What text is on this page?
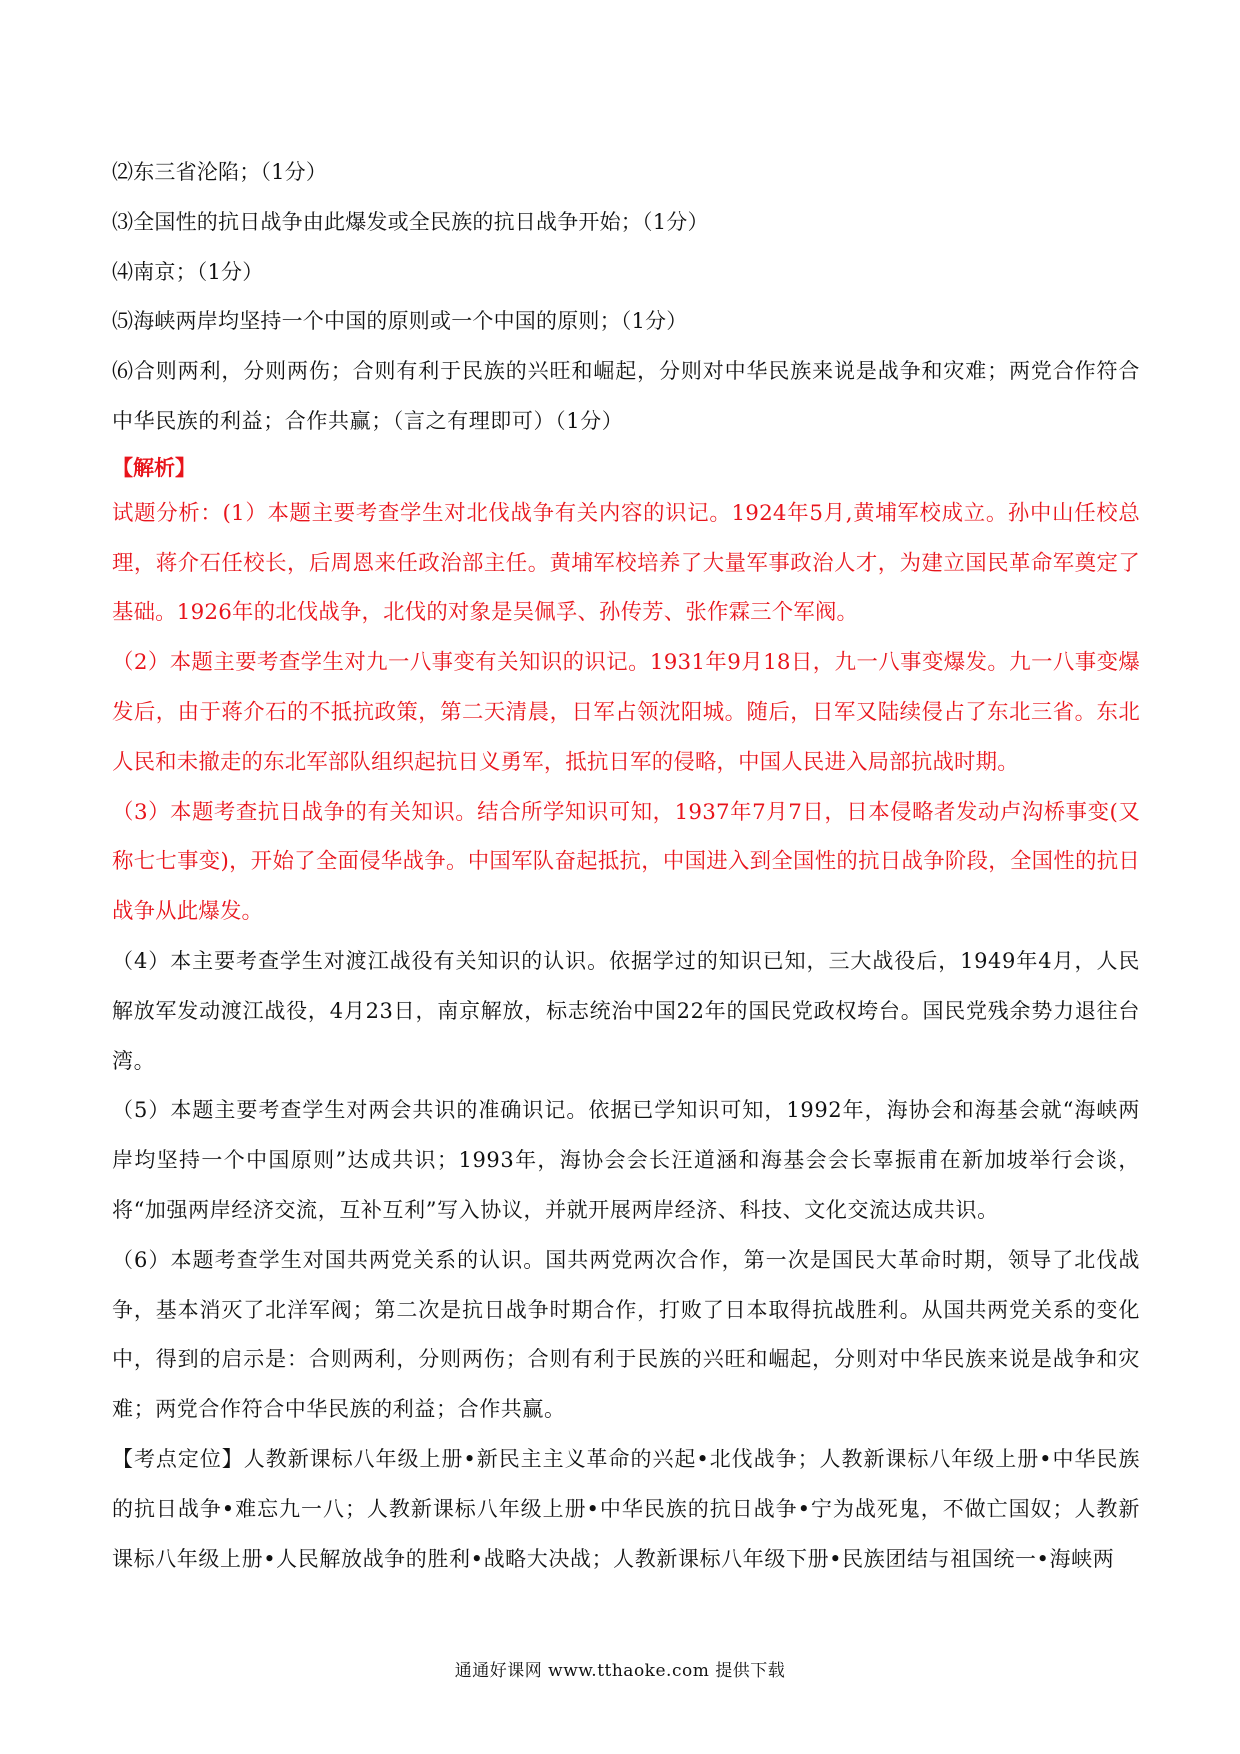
⑵东三省沦陷；（1分）

⑶全国性的抗日战争由此爆发或全民族的抗日战争开始；（1分）

⑷南京；（1分）

⑸海峡两岸均坚持一个中国的原则或一个中国的原则；（1分）

⑹合则两利，分则两伤；合则有利于民族的兴旺和崛起，分则对中华民族来说是战争和灾难；两党合作符合中华民族的利益；合作共赢；（言之有理即可）（1分）

【解析】

试题分析：(1）本题主要考查学生对北伐战争有关内容的识记。1924年5月,黄埔军校成立。孙中山任校总理，蒋介石任校长，后周恩来任政治部主任。黄埔军校培养了大量军事政治人才，为建立国民革命军奠定了基础。1926年的北伐战争，北伐的对象是吴佩孚、孙传芳、张作霖三个军阀。

（2）本题主要考查学生对九一八事变有关知识的识记。1931年9月18日，九一八事变爆发。九一八事变爆发后，由于蒋介石的不抵抗政策，第二天清晨，日军占领沈阳城。随后，日军又陆续侵占了东北三省。东北人民和未撤走的东北军部队组织起抗日义勇军，抵抗日军的侵略，中国人民进入局部抗战时期。

（3）本题考查抗日战争的有关知识。结合所学知识可知，1937年7月7日，日本侵略者发动卢沟桥事变(又称七七事变)，开始了全面侵华战争。中国军队奋起抵抗，中国进入到全国性的抗日战争阶段，全国性的抗日战争从此爆发。

（4）本主要考查学生对渡江战役有关知识的认识。依据学过的知识已知，三大战役后，1949年4月，人民解放军发动渡江战役，4月23日，南京解放，标志统治中国22年的国民党政权垮台。国民党残余势力退往台湾。

（5）本题主要考查学生对两会共识的准确识记。依据已学知识可知，1992年，海协会和海基会就“海峡两岸均坚持一个中国原则”达成共识；1993年，海协会会长汪道涵和海基会会长辜振甫在新加坡举行会谈，将“加强两岸经济交流，互补互利”写入协议，并就开展两岸经济、科技、文化交流达成共识。

（6）本题考查学生对国共两党关系的认识。国共两党两次合作，第一次是国民大革命时期，领导了北伐战争，基本消灭了北洋军阀；第二次是抗日战争时期合作，打败了日本取得抗战胜利。从国共两党关系的变化中，得到的启示是：合则两利，分则两伤；合则有利于民族的兴旺和崛起，分则对中华民族来说是战争和灾难；两党合作符合中华民族的利益；合作共赢。

【考点定位】人教新课标八年级上册•新民主主义革命的兴起•北伐战争；人教新课标八年级上册•中华民族的抗日战争•难忘九一八；人教新课标八年级上册•中华民族的抗日战争•宁为战死鬼，不做亡国奴；人教新课标八年级上册•人民解放战争的胜利•战略大决战；人教新课标八年级下册•民族团结与祖国统一•海峡两

通通好课网 www.tthaoke.com 提供下载
